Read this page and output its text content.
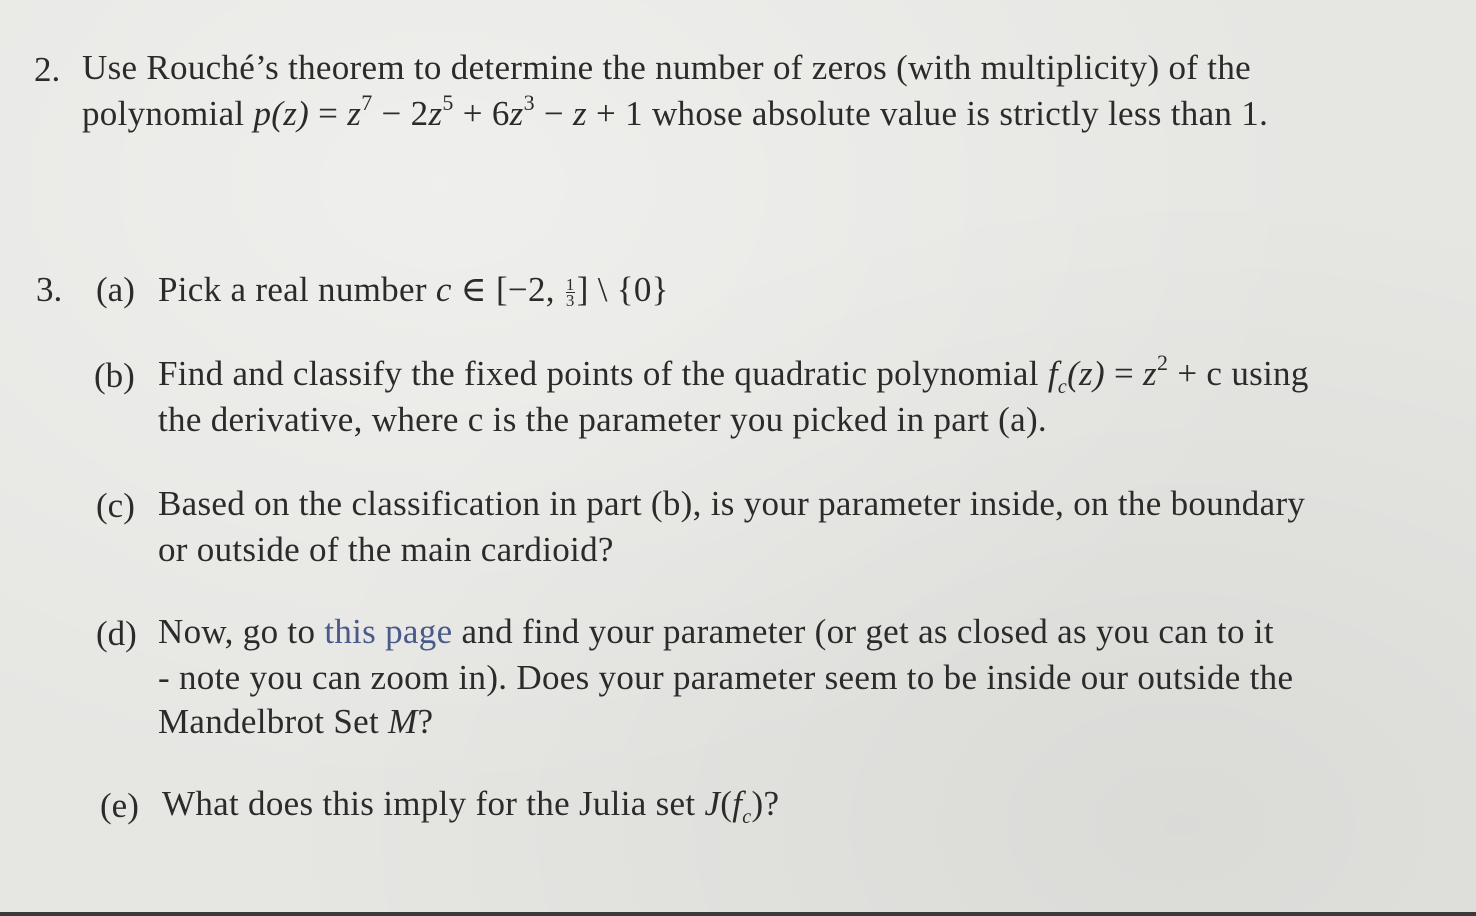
2. Use Rouché’s theorem to determine the number of zeros (with multiplicity) of the
polynomial $p(z) = z^7 - 2z^5 + 6z^3 - z + 1$ whose absolute value is strictly less than 1.
3. (a) Pick a real number c ∈ [−2, $\frac{1}{3}$ ] \ {0}
(b) Find and classify the fixed points of the quadratic polynomial $f_c(z) = z^2 + c$ using
the derivative, where c is the parameter you picked in part (a).
(c) Based on the classification in part (b), is your parameter inside, on the boundary
or outside of the main cardioid?
(d) Now, go to this page and find your parameter (or get as closed as you can to it
- note you can zoom in). Does your parameter seem to be inside our outside the
Mandelbrot Set M?
(e) What does this imply for the Julia set $J(f_c)$?
